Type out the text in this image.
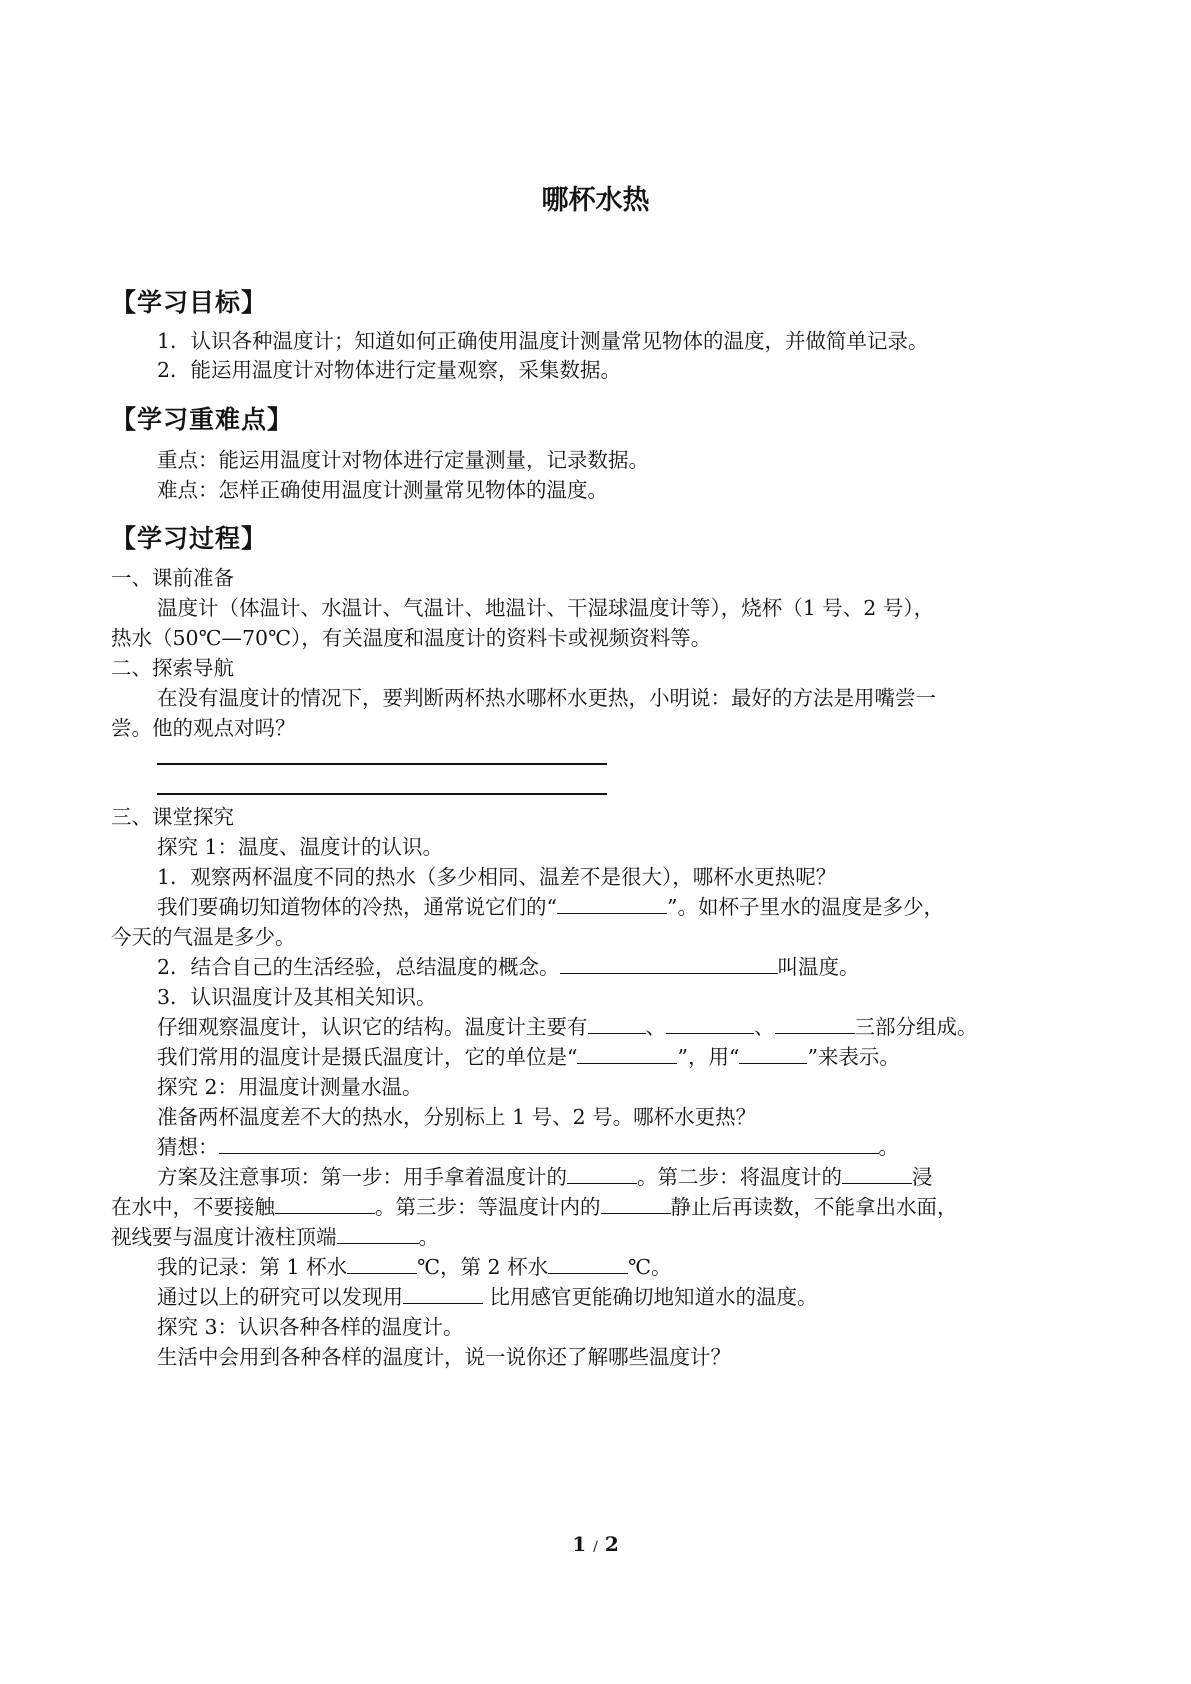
哪杯水热
【学习目标】
1．认识各种温度计；知道如何正确使用温度计测量常见物体的温度，并做简单记录。
2．能运用温度计对物体进行定量观察，采集数据。
【学习重难点】
重点：能运用温度计对物体进行定量测量，记录数据。
难点：怎样正确使用温度计测量常见物体的温度。
【学习过程】
一、课前准备
温度计（体温计、水温计、气温计、地温计、干湿球温度计等），烧杯（1 号、2 号），
热水（50℃—70℃），有关温度和温度计的资料卡或视频资料等。
二、探索导航
在没有温度计的情况下，要判断两杯热水哪杯水更热，小明说：最好的方法是用嘴尝一
尝。他的观点对吗？
三、课堂探究
探究 1：温度、温度计的认识。
1．观察两杯温度不同的热水（多少相同、温差不是很大），哪杯水更热呢？
我们要确切知道物体的冷热，通常说它们的“	”。如杯子里水的温度是多少，
今天的气温是多少。
2．结合自己的生活经验，总结温度的概念。	叫温度。
3．认识温度计及其相关知识。
仔细观察温度计，认识它的结构。温度计主要有	、	、	三部分组成。
我们常用的温度计是摄氏温度计，它的单位是“	”，用“	”来表示。
探究 2：用温度计测量水温。
准备两杯温度差不大的热水，分别标上 1 号、2 号。哪杯水更热？
猜想：	。
方案及注意事项：第一步：用手拿着温度计的	。第二步：将温度计的	浸
在水中，不要接触	。第三步：等温度计内的	静止后再读数，不能拿出水面，
视线要与温度计液柱顶端	。
我的记录：第 1 杯水	℃，第 2 杯水	℃。
通过以上的研究可以发现用	比用感官更能确切地知道水的温度。
探究 3：认识各种各样的温度计。
生活中会用到各种各样的温度计，说一说你还了解哪些温度计？
1 / 2
